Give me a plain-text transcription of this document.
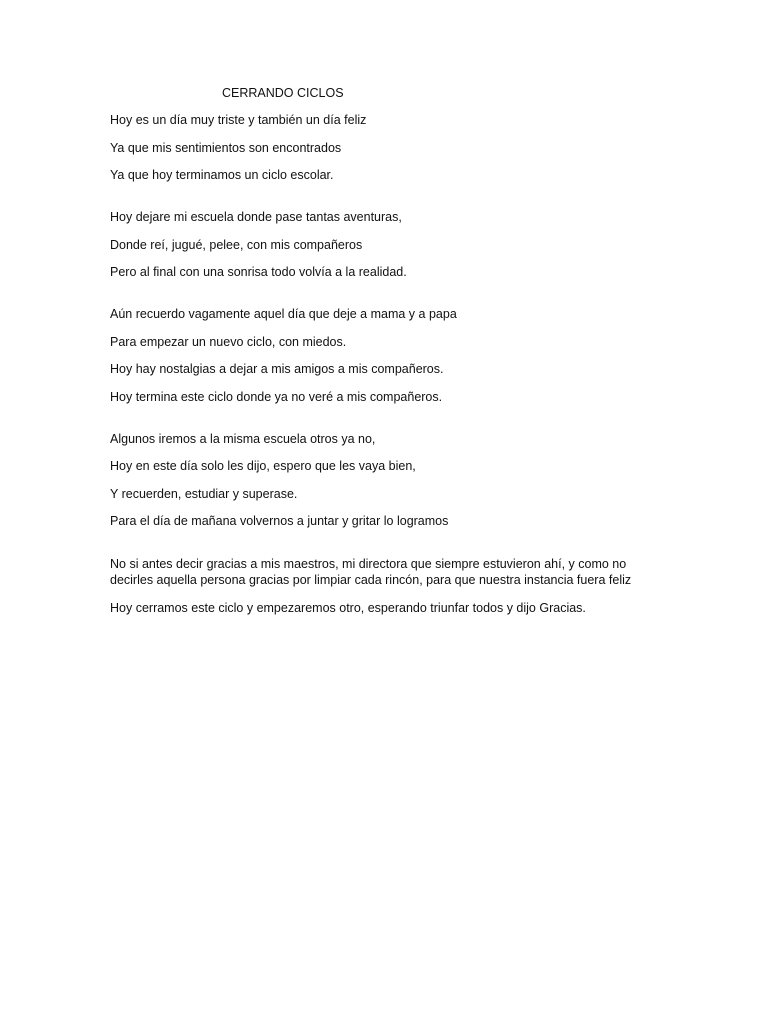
CERRANDO CICLOS
Hoy es un día muy triste y también un día feliz
Ya que mis sentimientos son encontrados
Ya que hoy terminamos un ciclo escolar.
Hoy dejare mi escuela donde pase tantas aventuras,
Donde reí, jugué, pelee, con mis compañeros
Pero al final con una sonrisa todo volvía a la realidad.
Aún recuerdo vagamente aquel día que deje a mama y a papa
Para empezar un nuevo ciclo, con miedos.
Hoy hay nostalgias a dejar a mis amigos a mis compañeros.
Hoy termina este ciclo donde ya no veré a mis compañeros.
Algunos iremos a la misma escuela otros ya no,
Hoy en este día solo les dijo, espero que les vaya bien,
Y recuerden, estudiar y superase.
Para el día de mañana volvernos a juntar y gritar lo logramos
No si antes decir gracias a mis maestros, mi directora que siempre estuvieron ahí, y como no decirles aquella persona gracias por limpiar cada rincón, para que nuestra instancia fuera feliz
Hoy cerramos este ciclo y empezaremos otro, esperando triunfar todos y dijo Gracias.
